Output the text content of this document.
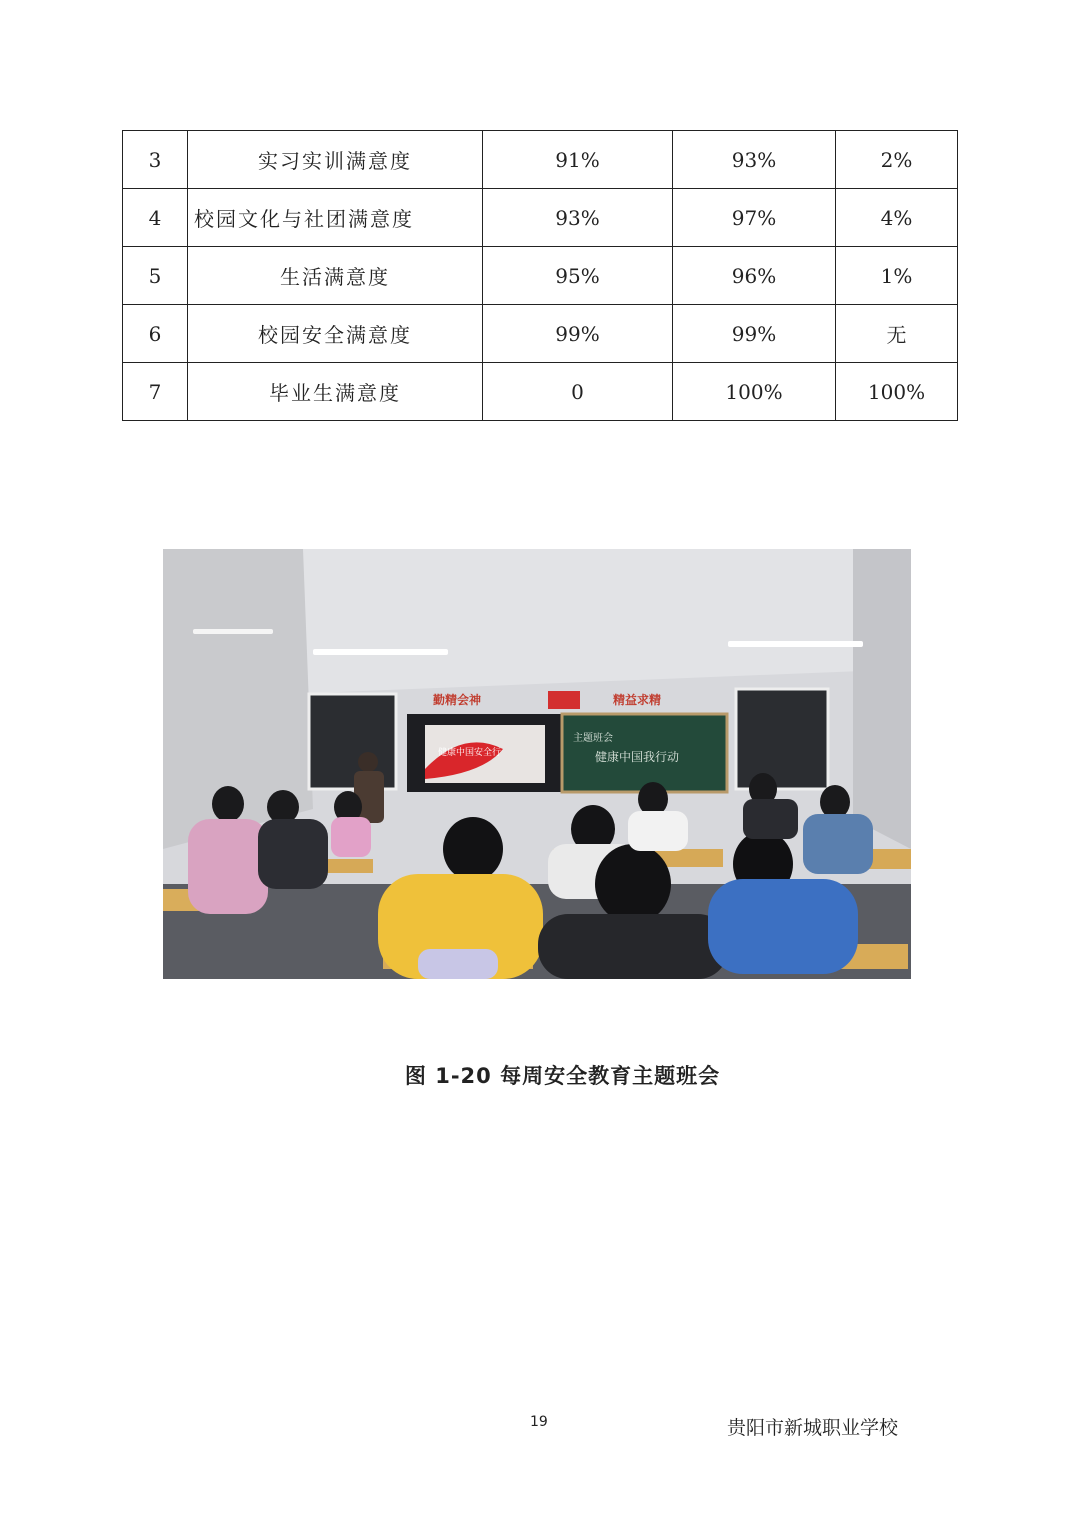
3	实习实训满意度	91%	93%	2%
4	校园文化与社团满意度	93%	97%	4%
5	生活满意度	95%	96%	1%
6	校园安全满意度	99%	99%	无
7	毕业生满意度	0	100%	100%
勤精会神	精益求精
健康中国安全行
主题班会
健康中国我行动
图 1-20 每周安全教育主题班会
19	贵阳市新城职业学校
